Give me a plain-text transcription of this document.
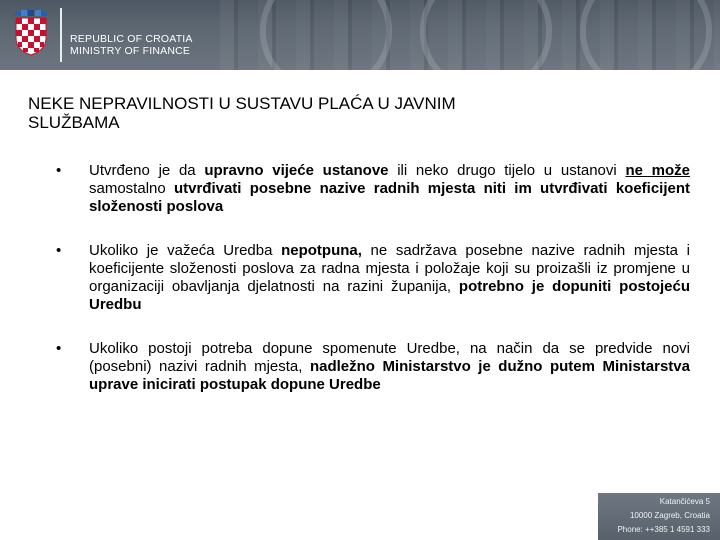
REPUBLIC OF CROATIA
MINISTRY OF FINANCE
NEKE NEPRAVILNOSTI U SUSTAVU PLAĆA U JAVNIM
SLUŽBAMA
• Utvrđeno je da upravno vijeće ustanove ili neko drugo tijelo u ustanovi ne može samostalno utvrđivati posebne nazive radnih mjesta niti im utvrđivati koeficijent složenosti poslova
• Ukoliko je važeća Uredba nepotpuna, ne sadržava posebne nazive radnih mjesta i koeficijente složenosti poslova za radna mjesta i položaje koji su proizašli iz promjene u organizaciji obavljanja djelatnosti na razini županija, potrebno je dopuniti postojeću Uredbu
• Ukoliko postoji potreba dopune spomenute Uredbe, na način da se predvide novi (posebni) nazivi radnih mjesta, nadležno Ministarstvo je dužno putem Ministarstva uprave inicirati postupak dopune Uredbe
Katančićeva 5
10000 Zagreb, Croatia
Phone: ++385 1 4591 333
